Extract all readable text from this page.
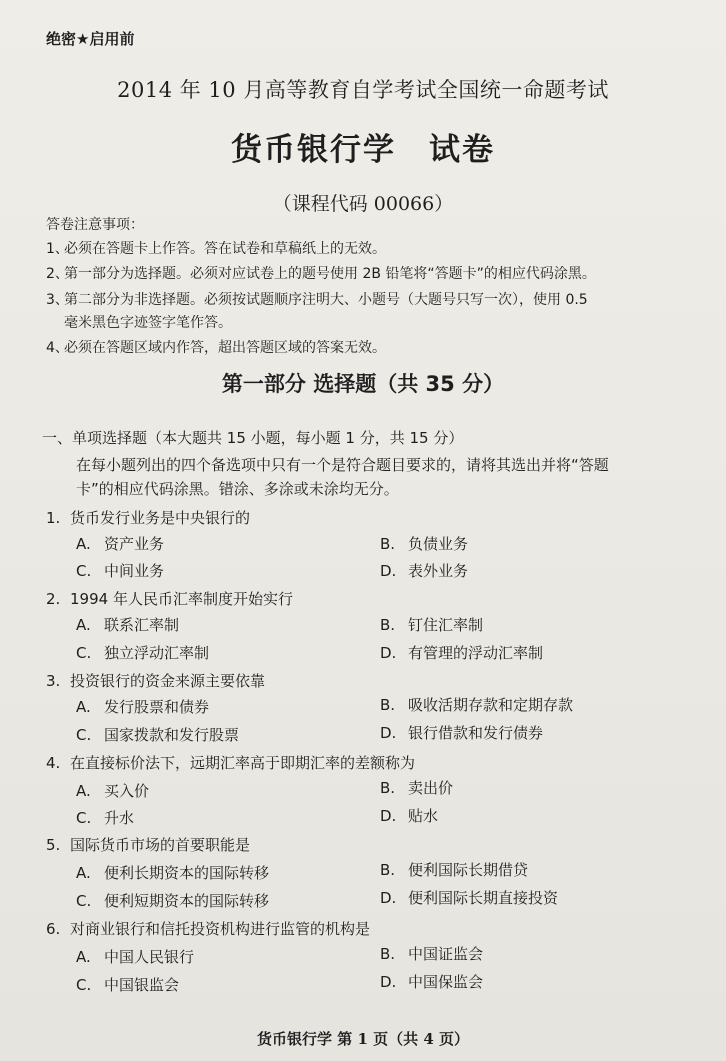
绝密★启用前
2014 年 10 月高等教育自学考试全国统一命题考试
货币银行学　试卷
（课程代码 00066）
答卷注意事项：
1、必须在答题卡上作答。答在试卷和草稿纸上的无效。
2、第一部分为选择题。必须对应试卷上的题号使用 2B 铅笔将“答题卡”的相应代码涂黑。
3、第二部分为非选择题。必须按试题顺序注明大、小题号（大题号只写一次），使用 0.5
毫米黑色字迹签字笔作答。
4、必须在答题区域内作答，超出答题区域的答案无效。
第一部分 选择题（共 35 分）
一、单项选择题（本大题共 15 小题，每小题 1 分，共 15 分）
在每小题列出的四个备选项中只有一个是符合题目要求的，请将其选出并将“答题
卡”的相应代码涂黑。错涂、多涂或未涂均无分。
1. 货币发行业务是中央银行的
A. 资产业务	B. 负债业务
C. 中间业务	D. 表外业务
2. 1994 年人民币汇率制度开始实行
A. 联系汇率制	B. 钉住汇率制
C. 独立浮动汇率制	D. 有管理的浮动汇率制
3. 投资银行的资金来源主要依靠
A. 发行股票和债券	B. 吸收活期存款和定期存款
C. 国家拨款和发行股票	D. 银行借款和发行债券
4. 在直接标价法下，远期汇率高于即期汇率的差额称为
A. 买入价	B. 卖出价
C. 升水	D. 贴水
5. 国际货币市场的首要职能是
A. 便利长期资本的国际转移	B. 便利国际长期借贷
C. 便利短期资本的国际转移	D. 便利国际长期直接投资
6. 对商业银行和信托投资机构进行监管的机构是
A. 中国人民银行	B. 中国证监会
C. 中国银监会	D. 中国保监会
货币银行学 第 1 页（共 4 页）
